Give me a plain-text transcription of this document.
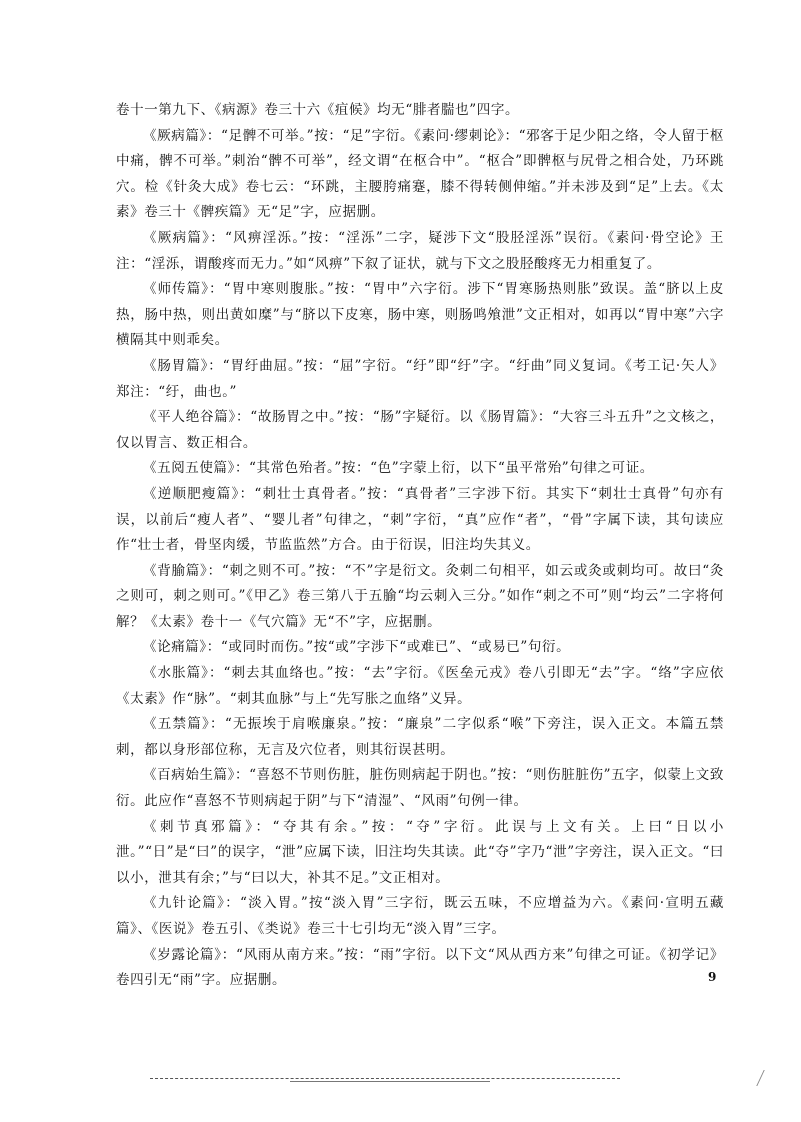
卷十一第九下、《病源》卷三十六《疽候》均无“腓者腨也”四字。

《厥病篇》：“足髀不可举。”按：“足”字衍。《素问·缪刺论》：“邪客于足少阳之络，令人留于枢中痛，髀不可举。”刺治“髀不可举”，经文谓“在枢合中”。“枢合”即髀枢与尻骨之相合处，乃环跳穴。检《针灸大成》卷七云：“环跳，主腰胯痛蹇，膝不得转侧伸缩。”并未涉及到“足”上去。《太素》卷三十《髀疾篇》无“足”字，应据删。

《厥病篇》：“风痹淫泺。”按：“淫泺”二字，疑涉下文“股胫淫泺”误衍。《素问·骨空论》王注：“淫泺，谓酸疼而无力。”如“风痹”下叙了证状，就与下文之股胫酸疼无力相重复了。

《师传篇》：“胃中寒则腹胀。”按：“胃中”六字衍。涉下“胃寒肠热则胀”致误。盖“脐以上皮热，肠中热，则出黄如糜”与“脐以下皮寒，肠中寒，则肠鸣飧泄”文正相对，如再以“胃中寒”六字横隔其中则乖矣。

《肠胃篇》：“胃纡曲屈。”按：“屈”字衍。“纡”即“纡”字。“纡曲”同义复词。《考工记·矢人》郑注：“纡，曲也。”

《平人绝谷篇》：“故肠胃之中。”按：“肠”字疑衍。以《肠胃篇》：“大容三斗五升”之文核之，仅以胃言、数正相合。

《五阅五使篇》：“其常色殆者。”按：“色”字蒙上衍，以下“虽平常殆”句律之可证。

《逆顺肥瘦篇》：“刺壮士真骨者。”按：“真骨者”三字涉下衍。其实下“刺壮士真骨”句亦有误，以前后“瘦人者”、“婴儿者”句律之，“刺”字衍，“真”应作“者”，“骨”字属下读，其句读应作“壮士者，骨坚肉缓，节监监然”方合。由于衍误，旧注均失其义。

《背腧篇》：“刺之则不可。”按：“不”字是衍文。灸刺二句相平，如云或灸或刺均可。故曰“灸之则可，刺之则可。”《甲乙》卷三第八于五腧“均云刺入三分。”如作“刺之不可”则“均云”二字将何解？《太素》卷十一《气穴篇》无“不”字，应据删。

《论痛篇》：“或同时而伤。”按“或”字涉下“或难已”、“或易已”句衍。

《水胀篇》：“刺去其血络也。”按：“去”字衍。《医垒元戎》卷八引即无“去”字。“络”字应依《太素》作“脉”。“刺其血脉”与上“先写胀之血络”义异。

《五禁篇》：“无振埃于肩喉廉泉。”按：“廉泉”二字似系“喉”下旁注，误入正文。本篇五禁刺，都以身形部位称，无言及穴位者，则其衍误甚明。

《百病始生篇》：“喜怒不节则伤脏，脏伤则病起于阴也。”按：“则伤脏脏伤”五字，似蒙上文致衍。此应作“喜怒不节则病起于阴”与下“清湿”、“风雨”句例一律。

《刺节真邪篇》：“夺其有余。”按：“夺”字衍。此误与上文有关。上曰“日以小泄。”“日”是“曰”的误字，“泄”应属下读，旧注均失其读。此“夺”字乃“泄”字旁注，误入正文。“曰以小，泄其有余；”与“曰以大，补其不足。”文正相对。

《九针论篇》：“淡入胃。”按“淡入胃”三字衍，既云五味，不应增益为六。《素问·宣明五藏篇》、《医说》卷五引、《类说》卷三十七引均无“淡入胃”三字。

《岁露论篇》：“风雨从南方来。”按：“雨”字衍。以下文“风从西方来”句律之可证。《初学记》卷四引无“雨”字。应据删。	9
